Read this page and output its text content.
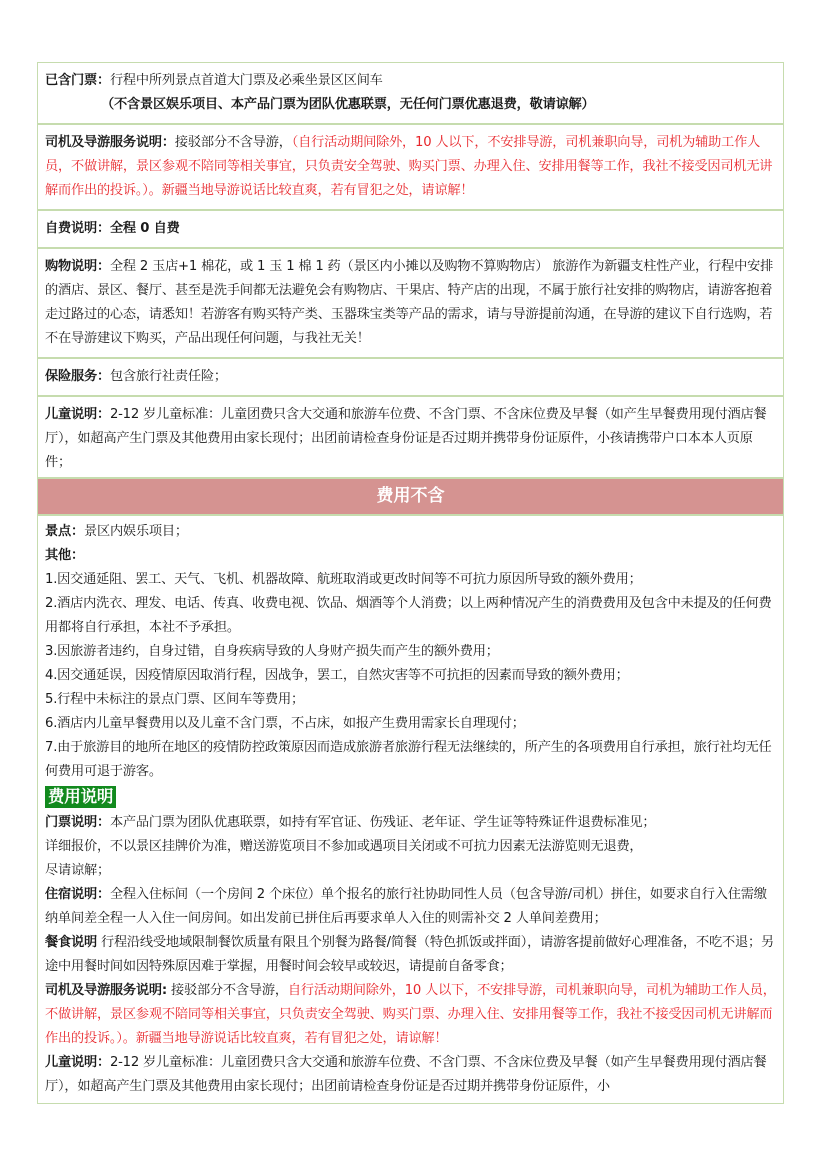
已含门票：行程中所列景点首道大门票及必乘坐景区区间车
（不含景区娱乐项目、本产品门票为团队优惠联票，无任何门票优惠退费，敬请谅解）
司机及导游服务说明：接驳部分不含导游，（自行活动期间除外，10 人以下，不安排导游，司机兼职向导，司机为辅助工作人员，不做讲解，景区参观不陪同等相关事宜，只负责安全驾驶、购买门票、办理入住、安排用餐等工作，我社不接受因司机无讲解而作出的投诉。）。新疆当地导游说话比较直爽，若有冒犯之处，请谅解！
自费说明：全程 0 自费
购物说明：全程 2 玉店+1 棉花，或 1 玉 1 棉 1 药（景区内小摊以及购物不算购物店） 旅游作为新疆支柱性产业，行程中安排的酒店、景区、餐厅、甚至是洗手间都无法避免会有购物店、干果店、特产店的出现，不属于旅行社安排的购物店，请游客抱着走过路过的心态，请悉知！若游客有购买特产类、玉器珠宝类等产品的需求，请与导游提前沟通，在导游的建议下自行选购，若不在导游建议下购买，产品出现任何问题，与我社无关！
保险服务：包含旅行社责任险；
儿童说明：2-12 岁儿童标准：儿童团费只含大交通和旅游车位费、不含门票、不含床位费及早餐（如产生早餐费用现付酒店餐厅），如超高产生门票及其他费用由家长现付；出团前请检查身份证是否过期并携带身份证原件，小孩请携带户口本本人页原件；
费用不含
景点：景区内娱乐项目；
其他：
1.因交通延阻、罢工、天气、飞机、机器故障、航班取消或更改时间等不可抗力原因所导致的额外费用；
2.酒店内洗衣、理发、电话、传真、收费电视、饮品、烟酒等个人消费；以上两种情况产生的消费费用及包含中未提及的任何费用都将自行承担，本社不予承担。
3.因旅游者违约，自身过错，自身疾病导致的人身财产损失而产生的额外费用；
4.因交通延误，因疫情原因取消行程，因战争，罢工，自然灾害等不可抗拒的因素而导致的额外费用；
5.行程中未标注的景点门票、区间车等费用；
6.酒店内儿童早餐费用以及儿童不含门票，不占床，如报产生费用需家长自理现付；
7.由于旅游目的地所在地区的疫情防控政策原因而造成旅游者旅游行程无法继续的，所产生的各项费用自行承担，旅行社均无任何费用可退于游客。
费用说明
门票说明：本产品门票为团队优惠联票，如持有军官证、伤残证、老年证、学生证等特殊证件退费标准见；
详细报价，不以景区挂牌价为准，赠送游览项目不参加或遇项目关闭或不可抗力因素无法游览则无退费，
尽请谅解；
住宿说明：全程入住标间（一个房间 2 个床位）单个报名的旅行社协助同性人员（包含导游/司机）拼住，如要求自行入住需缴纳单间差全程一人入住一间房间。如出发前已拼住后再要求单人入住的则需补交 2 人单间差费用；
餐食说明 行程沿线受地域限制餐饮质量有限且个别餐为路餐/简餐（特色抓饭或拌面），请游客提前做好心理准备，不吃不退；另途中用餐时间如因特殊原因难于掌握，用餐时间会较早或较迟，请提前自备零食；
司机及导游服务说明: 接驳部分不含导游，自行活动期间除外，10 人以下，不安排导游，司机兼职向导，司机为辅助工作人员，不做讲解，景区参观不陪同等相关事宜，只负责安全驾驶、购买门票、办理入住、安排用餐等工作，我社不接受因司机无讲解而作出的投诉。）。新疆当地导游说话比较直爽，若有冒犯之处，请谅解！
儿童说明：2-12 岁儿童标准：儿童团费只含大交通和旅游车位费、不含门票、不含床位费及早餐（如产生早餐费用现付酒店餐厅），如超高产生门票及其他费用由家长现付；出团前请检查身份证是否过期并携带身份证原件，小
